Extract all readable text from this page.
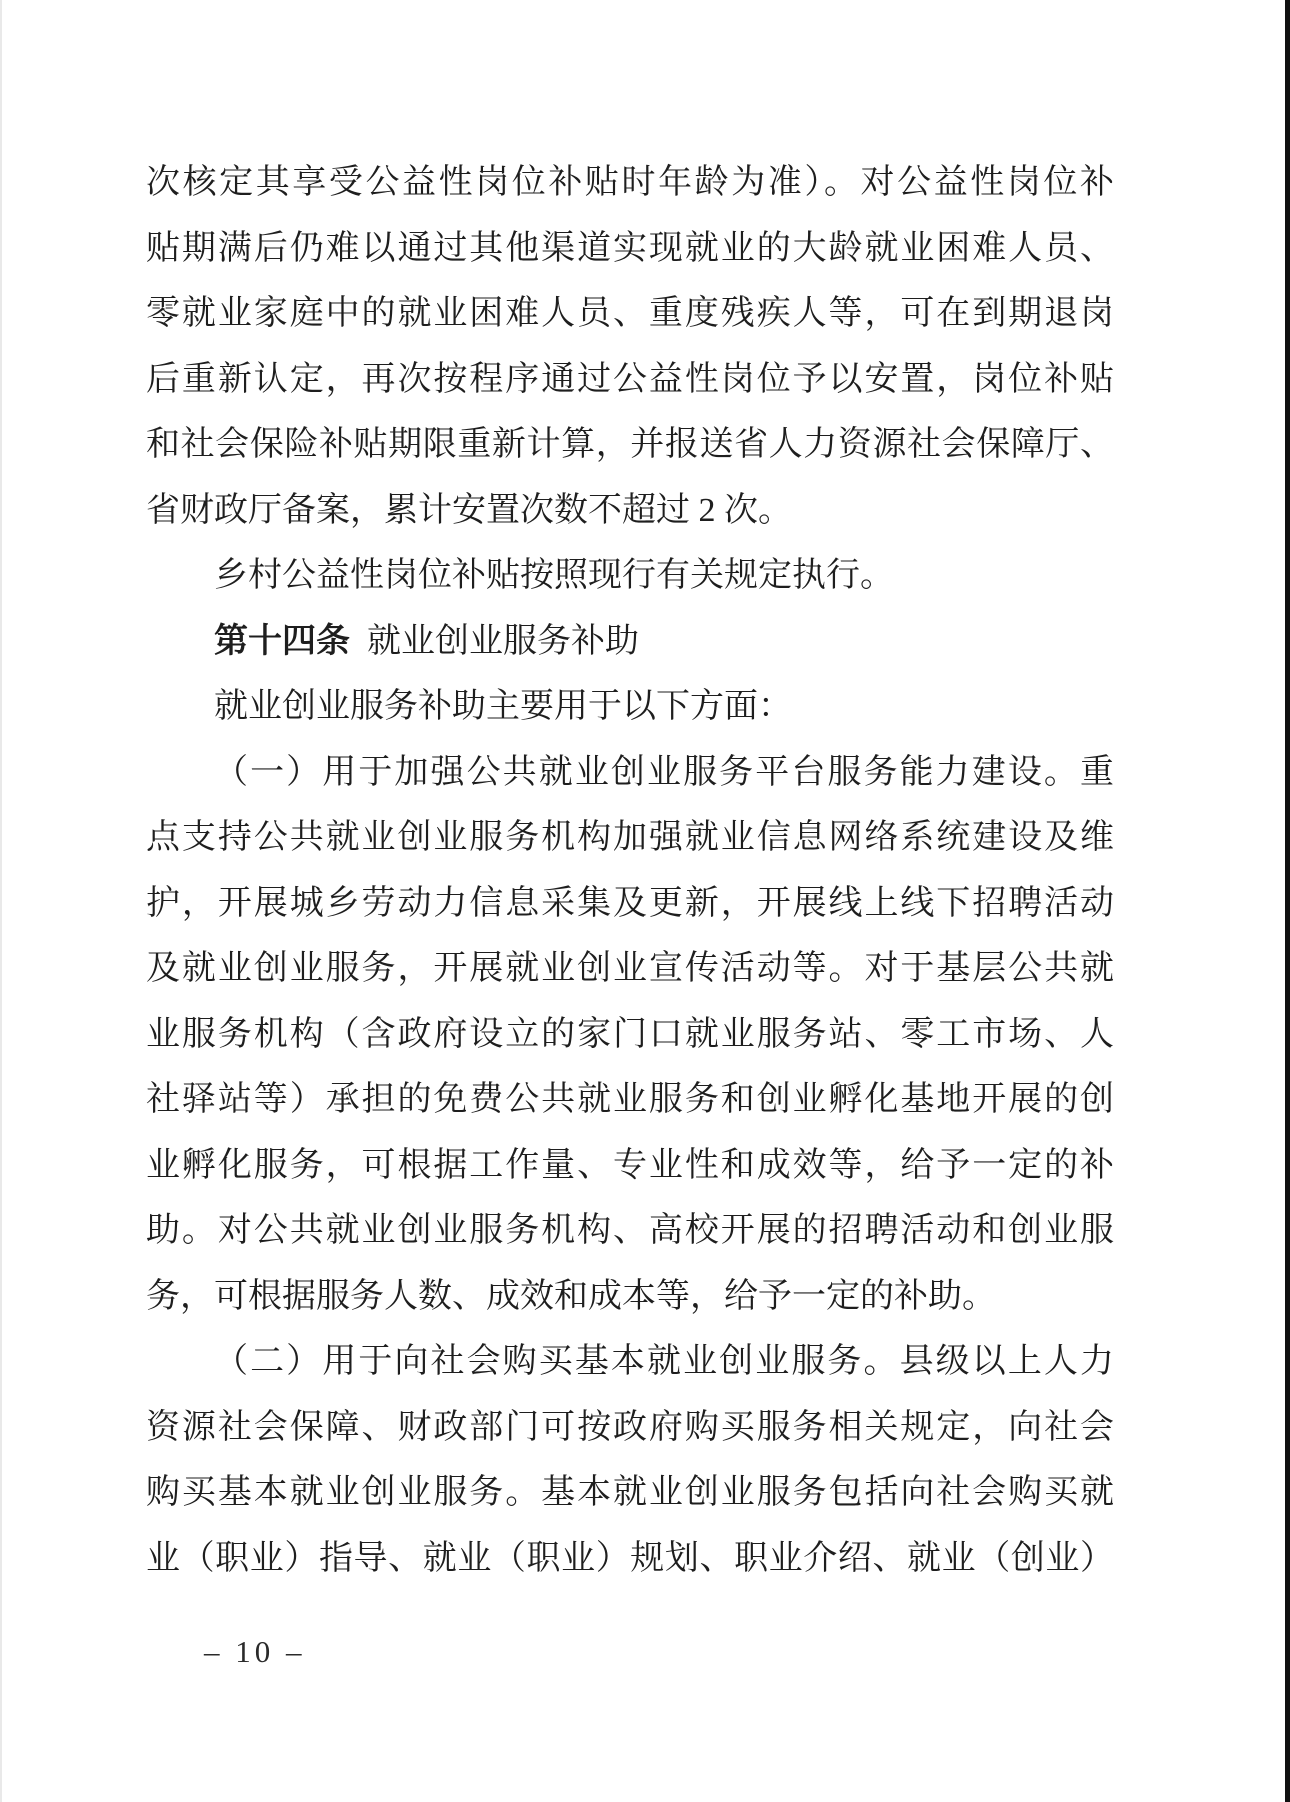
次核定其享受公益性岗位补贴时年龄为准）。对公益性岗位补
贴期满后仍难以通过其他渠道实现就业的大龄就业困难人员、
零就业家庭中的就业困难人员、重度残疾人等，可在到期退岗
后重新认定，再次按程序通过公益性岗位予以安置，岗位补贴
和社会保险补贴期限重新计算，并报送省人力资源社会保障厅、
省财政厅备案，累计安置次数不超过 2 次。
乡村公益性岗位补贴按照现行有关规定执行。
第十四条 就业创业服务补助
就业创业服务补助主要用于以下方面：
（一）用于加强公共就业创业服务平台服务能力建设。重
点支持公共就业创业服务机构加强就业信息网络系统建设及维
护，开展城乡劳动力信息采集及更新，开展线上线下招聘活动
及就业创业服务，开展就业创业宣传活动等。对于基层公共就
业服务机构（含政府设立的家门口就业服务站、零工市场、人
社驿站等）承担的免费公共就业服务和创业孵化基地开展的创
业孵化服务，可根据工作量、专业性和成效等，给予一定的补
助。对公共就业创业服务机构、高校开展的招聘活动和创业服
务，可根据服务人数、成效和成本等，给予一定的补助。
（二）用于向社会购买基本就业创业服务。县级以上人力
资源社会保障、财政部门可按政府购买服务相关规定，向社会
购买基本就业创业服务。基本就业创业服务包括向社会购买就
业（职业）指导、就业（职业）规划、职业介绍、就业（创业）
– 10 –
